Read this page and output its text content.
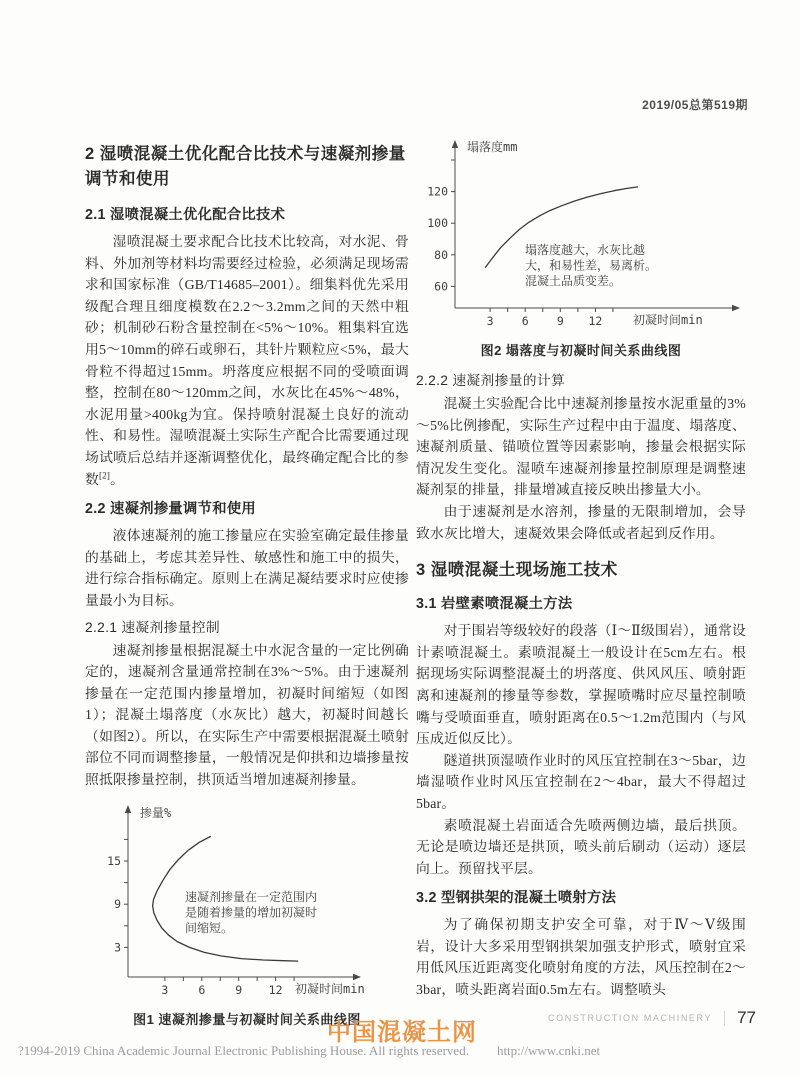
2019/05总第519期
2 湿喷混凝土优化配合比技术与速凝剂掺量调节和使用
2.1 湿喷混凝土优化配合比技术

湿喷混凝土要求配合比技术比较高，对水泥、骨料、外加剂等材料均需要经过检验，必须满足现场需求和国家标准（GB/T14685–2001）。细集料优先采用级配合理且细度模数在2.2～3.2mm之间的天然中粗砂；机制砂石粉含量控制在<5%～10%。粗集料宜选用5～10mm的碎石或卵石，其针片颗粒应<5%，最大骨粒不得超过15mm。坍落度应根据不同的受喷面调整，控制在80～120mm之间，水灰比在45%～48%，水泥用量>400kg为宜。保持喷射混凝土良好的流动性、和易性。湿喷混凝土实际生产配合比需要通过现场试喷后总结并逐渐调整优化，最终确定配合比的参数[2]。

2.2 速凝剂掺量调节和使用

液体速凝剂的施工掺量应在实验室确定最佳掺量的基础上，考虑其差异性、敏感性和施工中的损失，进行综合指标确定。原则上在满足凝结要求时应使掺量最小为目标。

2.2.1 速凝剂掺量控制

速凝剂掺量根据混凝土中水泥含量的一定比例确定的，速凝剂含量通常控制在3%～5%。由于速凝剂掺量在一定范围内掺量增加，初凝时间缩短（如图1）；混凝土塌落度（水灰比）越大，初凝时间越长（如图2）。所以，在实际生产中需要根据混凝土喷射部位不同而调整掺量，一般情况是仰拱和边墙掺量按照抵限掺量控制，拱顶适当增加速凝剂掺量。

3	6	9 12
3
9
15
掺量%
初凝时间min
速凝剂掺量在一定范围内
是随着掺量的增加初凝时
间缩短。
图1 速凝剂掺量与初凝时间关系曲线图
3 6 9 12
60
80
100
120
塌落度mm
初凝时间min
塌落度越大，水灰比越
大，和易性差，易离析。
混凝土品质变差。
图2 塌落度与初凝时间关系曲线图
2.2.2 速凝剂掺量的计算

混凝土实验配合比中速凝剂掺量按水泥重量的3%～5%比例掺配，实际生产过程中由于温度、塌落度、速凝剂质量、锚喷位置等因素影响，掺量会根据实际情况发生变化。湿喷车速凝剂掺量控制原理是调整速凝剂泵的排量，排量增减直接反映出掺量大小。

由于速凝剂是水溶剂，掺量的无限制增加，会导致水灰比增大，速凝效果会降低或者起到反作用。

3 湿喷混凝土现场施工技术
3.1 岩壁素喷混凝土方法

对于围岩等级较好的段落（Ⅰ～Ⅱ级围岩），通常设计素喷混凝土。素喷混凝土一般设计在5cm左右。根据现场实际调整混凝土的坍落度、供风风压、喷射距离和速凝剂的掺量等参数，掌握喷嘴时应尽量控制喷嘴与受喷面垂直，喷射距离在0.5～1.2m范围内（与风压成近似反比）。

隧道拱顶湿喷作业时的风压宜控制在3～5bar，边墙湿喷作业时风压宜控制在2～4bar，最大不得超过5bar。

素喷混凝土岩面适合先喷两侧边墙，最后拱顶。无论是喷边墙还是拱顶，喷头前后刷动（运动）逐层向上。预留找平层。

3.2 型钢拱架的混凝土喷射方法

为了确保初期支护安全可靠，对于Ⅳ～Ⅴ级围岩，设计大多采用型钢拱架加强支护形式，喷射宜采用低风压近距离变化喷射角度的方法，风压控制在2～3bar，喷头距离岩面0.5m左右。调整喷头

CONSTRUCTION MACHINERY 77
?1994-2019 China Academic Journal Electronic Publishing House. All rights reserved. http://www.cnki.net
中国混凝土网
